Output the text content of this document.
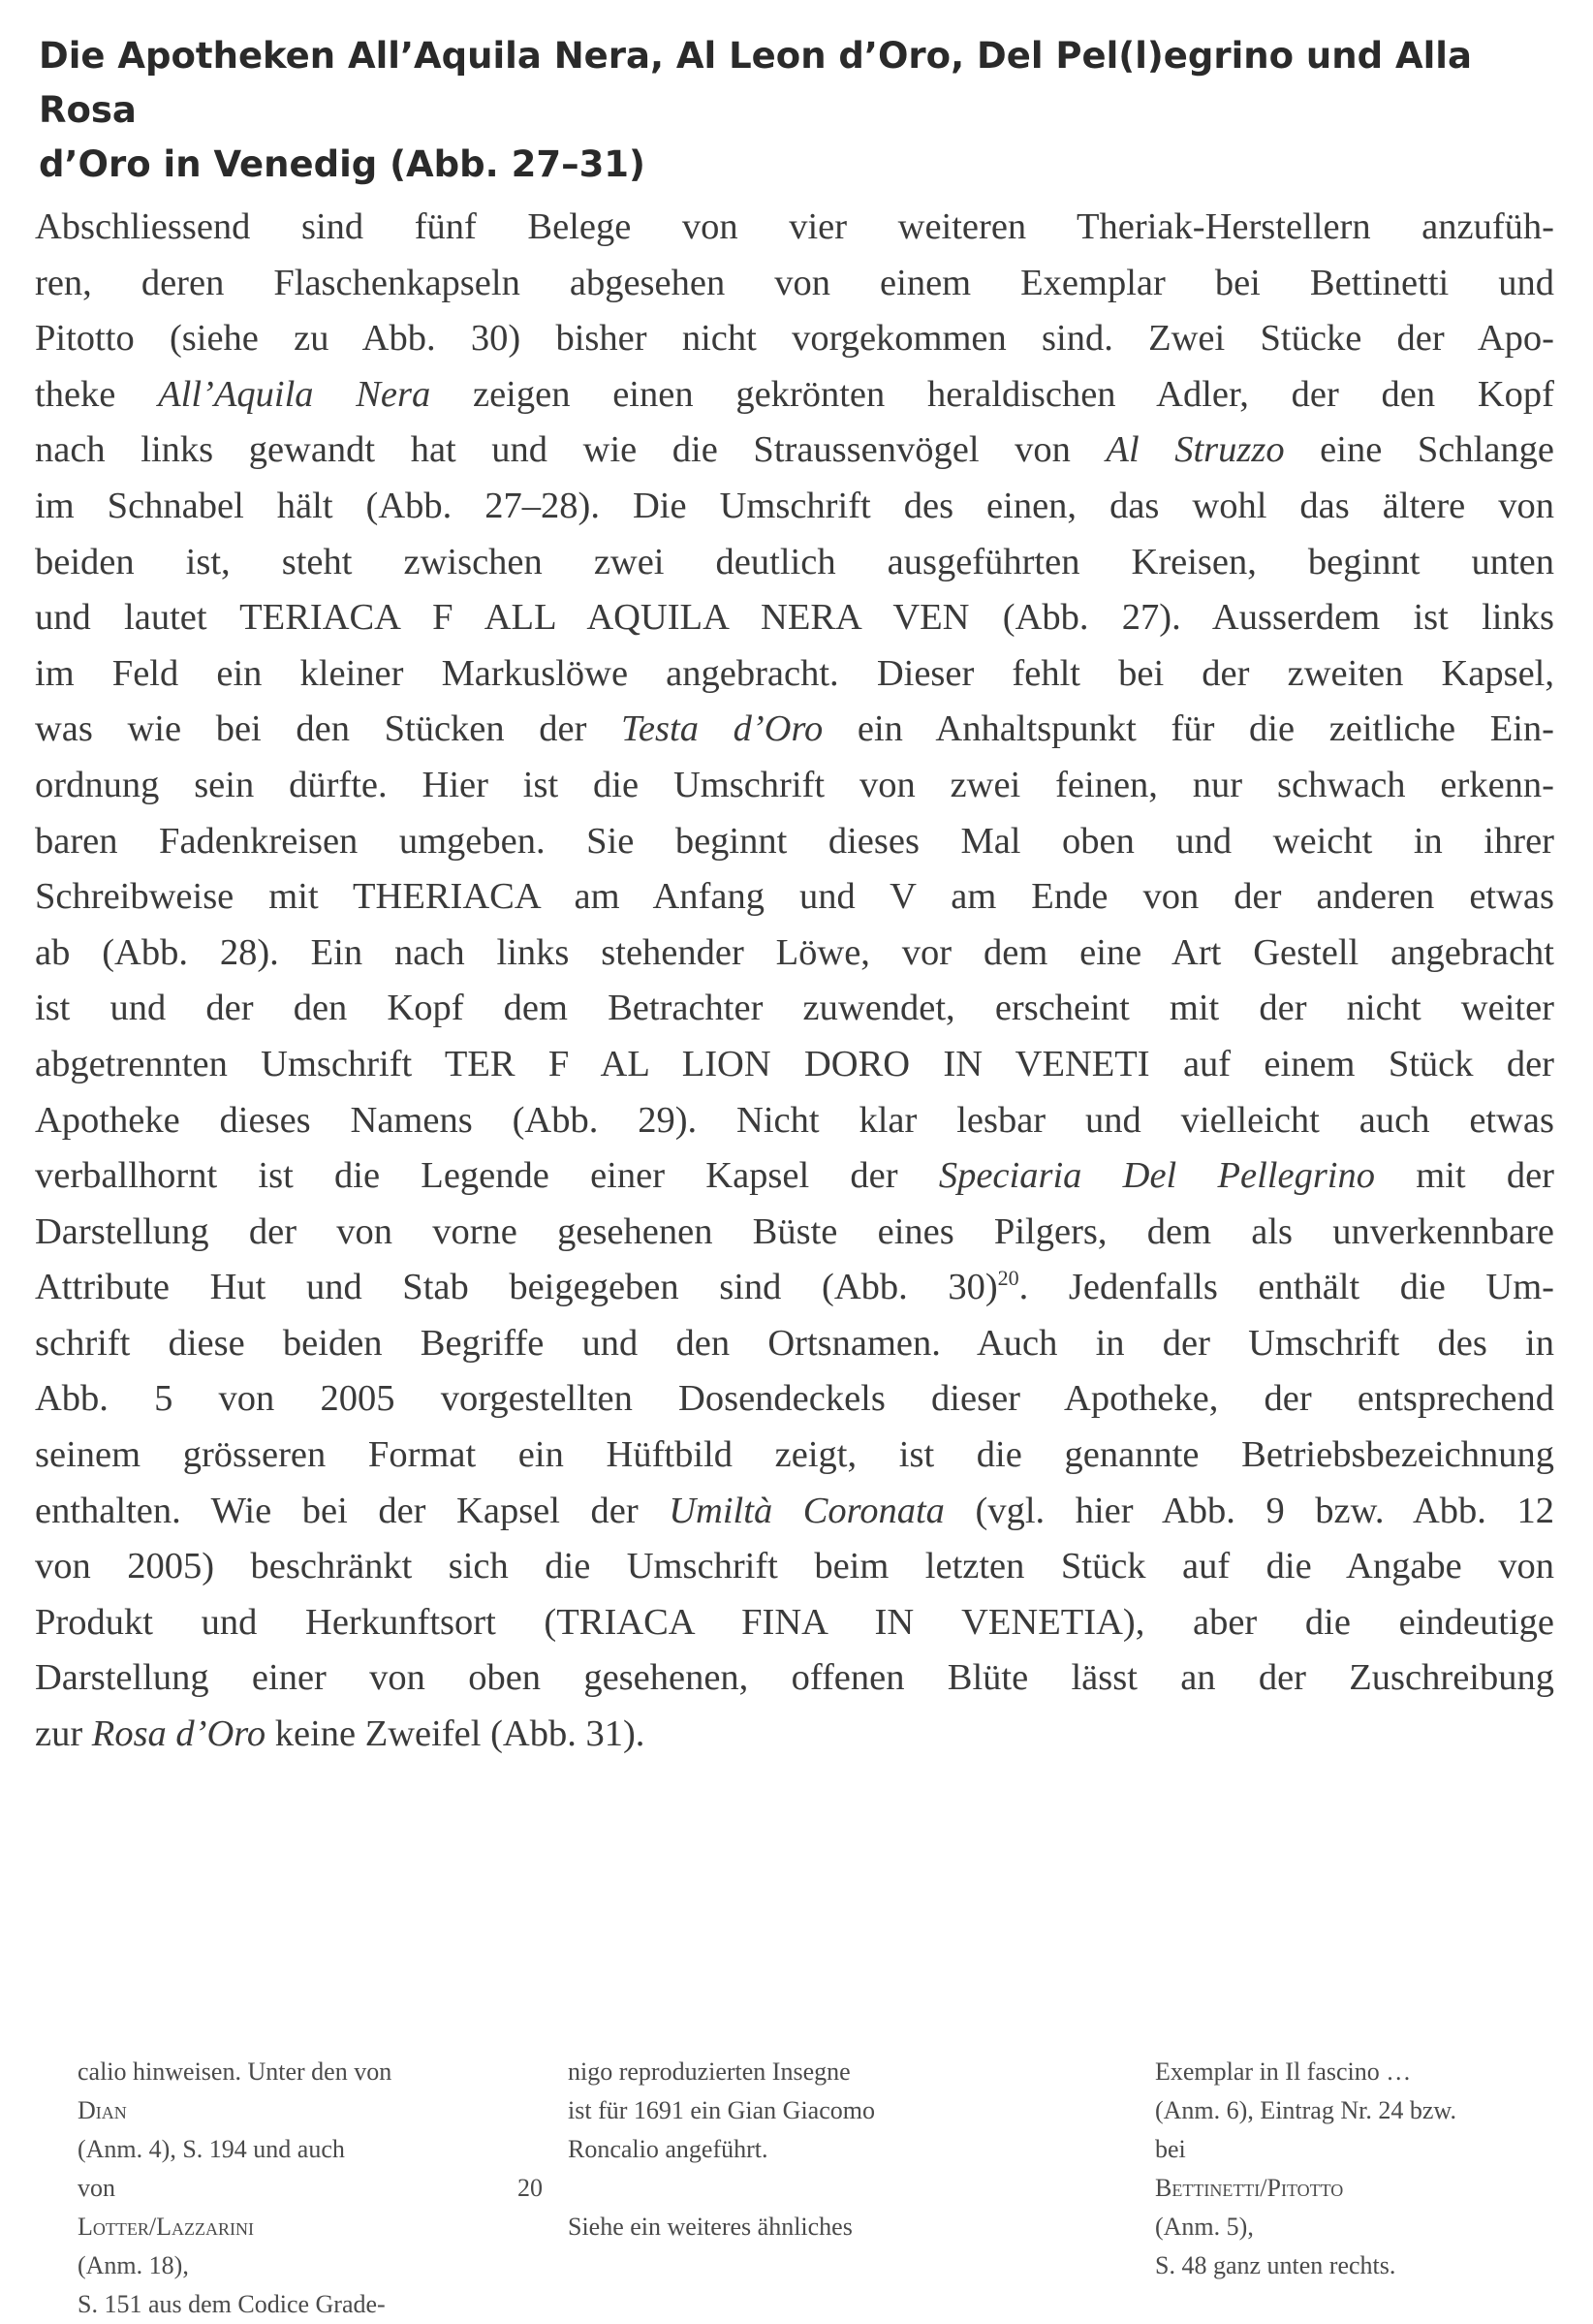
Die Apotheken All’Aquila Nera, Al Leon d’Oro, Del Pel(l)egrino und Alla Rosa
d’Oro in Venedig (Abb. 27–31)
Abschliessend sind fünf Belege von vier weiteren Theriak-Herstellern anzufüh-
ren, deren Flaschenkapseln abgesehen von einem Exemplar bei Bettinetti und
Pitotto (siehe zu Abb. 30) bisher nicht vorgekommen sind. Zwei Stücke der Apo-
theke All’Aquila Nera zeigen einen gekrönten heraldischen Adler, der den Kopf
nach links gewandt hat und wie die Straussenvögel von Al Struzzo eine Schlange
im Schnabel hält (Abb. 27–28). Die Umschrift des einen, das wohl das ältere von
beiden ist, steht zwischen zwei deutlich ausgeführten Kreisen, beginnt unten
und lautet TERIACA F ALL AQUILA NERA VEN (Abb. 27). Ausserdem ist links
im Feld ein kleiner Markuslöwe angebracht. Dieser fehlt bei der zweiten Kapsel,
was wie bei den Stücken der Testa d’Oro ein Anhaltspunkt für die zeitliche Ein-
ordnung sein dürfte. Hier ist die Umschrift von zwei feinen, nur schwach erkenn-
baren Fadenkreisen umgeben. Sie beginnt dieses Mal oben und weicht in ihrer
Schreibweise mit THERIACA am Anfang und V am Ende von der anderen etwas
ab (Abb. 28). Ein nach links stehender Löwe, vor dem eine Art Gestell angebracht
ist und der den Kopf dem Betrachter zuwendet, erscheint mit der nicht weiter
abgetrennten Umschrift TER F AL LION DORO IN VENETI auf einem Stück der
Apotheke dieses Namens (Abb. 29). Nicht klar lesbar und vielleicht auch etwas
verballhornt ist die Legende einer Kapsel der Speciaria Del Pellegrino mit der
Darstellung der von vorne gesehenen Büste eines Pilgers, dem als unverkennbare
Attribute Hut und Stab beigegeben sind (Abb. 30)$^{20}$. Jedenfalls enthält die Um-
schrift diese beiden Begriffe und den Ortsnamen. Auch in der Umschrift des in
Abb. 5 von 2005 vorgestellten Dosendeckels dieser Apotheke, der entsprechend
seinem grösseren Format ein Hüftbild zeigt, ist die genannte Betriebsbezeichnung
enthalten. Wie bei der Kapsel der Umiltà Coronata (vgl. hier Abb. 9 bzw. Abb. 12
von 2005) beschränkt sich die Umschrift beim letzten Stück auf die Angabe von
Produkt und Herkunftsort (TRIACA FINA IN VENETIA), aber die eindeutige
Darstellung einer von oben gesehenen, offenen Blüte lässt an der Zuschreibung
zur Rosa d’Oro keine Zweifel (Abb. 31).
calio hinweisen. Unter den von
Dian
(Anm. 4), S. 194 und auch
von
Lotter/Lazzarini
(Anm. 18),
S. 151 aus dem Codice Grade-
nigo reproduzierten Insegne
ist für 1691 ein Gian Giacomo
Roncalio angeführt.
20
Siehe ein weiteres ähnliches
Exemplar in Il fascino …
(Anm. 6), Eintrag Nr. 24 bzw.
bei
Bettinetti/Pitotto
(Anm. 5),
S. 48 ganz unten rechts.
